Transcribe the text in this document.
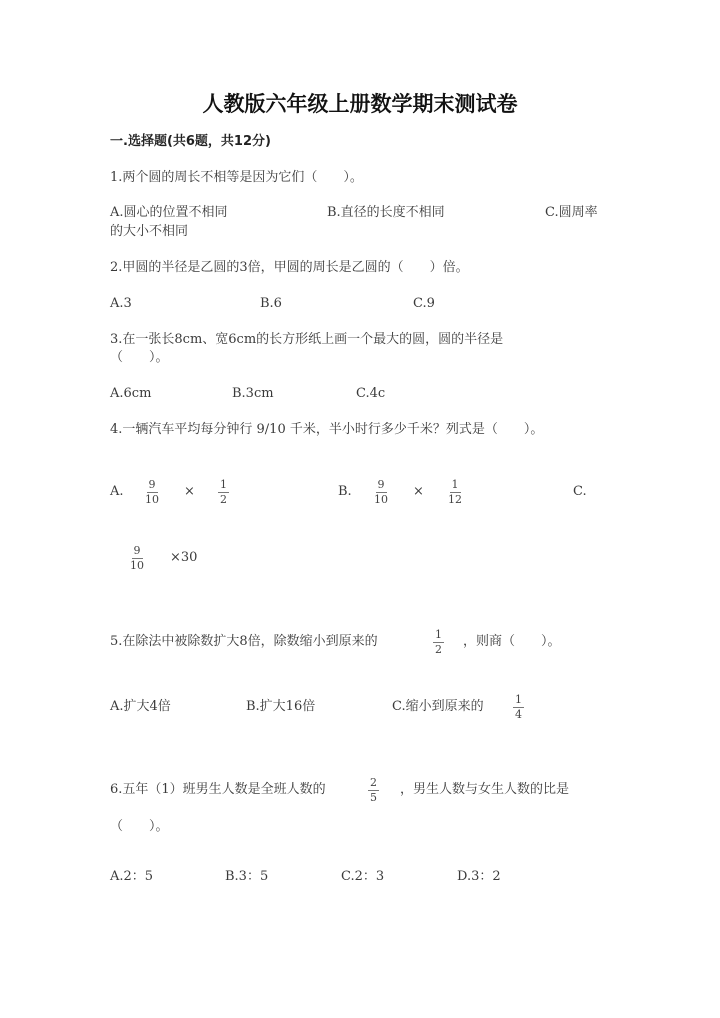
人教版六年级上册数学期末测试卷
一.选择题(共6题，共12分)
1.两个圆的周长不相等是因为它们（　　）。
A.圆心的位置不相同	B.直径的长度不相同	C.圆周率
的大小不相同
2.甲圆的半径是乙圆的3倍，甲圆的周长是乙圆的（　　）倍。
A.3	B.6	C.9
3.在一张长8cm、宽6cm的长方形纸上画一个最大的圆，圆的半径是
（　　）。
A.6cm	B.3cm	C.4c
4.一辆汽车平均每分钟行 9/10 千米，半小时行多少千米？列式是（　　）。
A. $\frac{9}{10} \times \frac{1}{2}$	B. $\frac{9}{10} \times \frac{1}{12}$	C.
$\frac{9}{10} \times 30$
5.在除法中被除数扩大8倍，除数缩小到原来的	$\frac{1}{2}$ ，则商（　　）。
A.扩大4倍	B.扩大16倍	C.缩小到原来的	$\frac{1}{4}$
6.五年（1）班男生人数是全班人数的	$\frac{2}{5}$ ，男生人数与女生人数的比是
（　　）。
A.2：5	B.3：5	C.2：3	D.3：2
